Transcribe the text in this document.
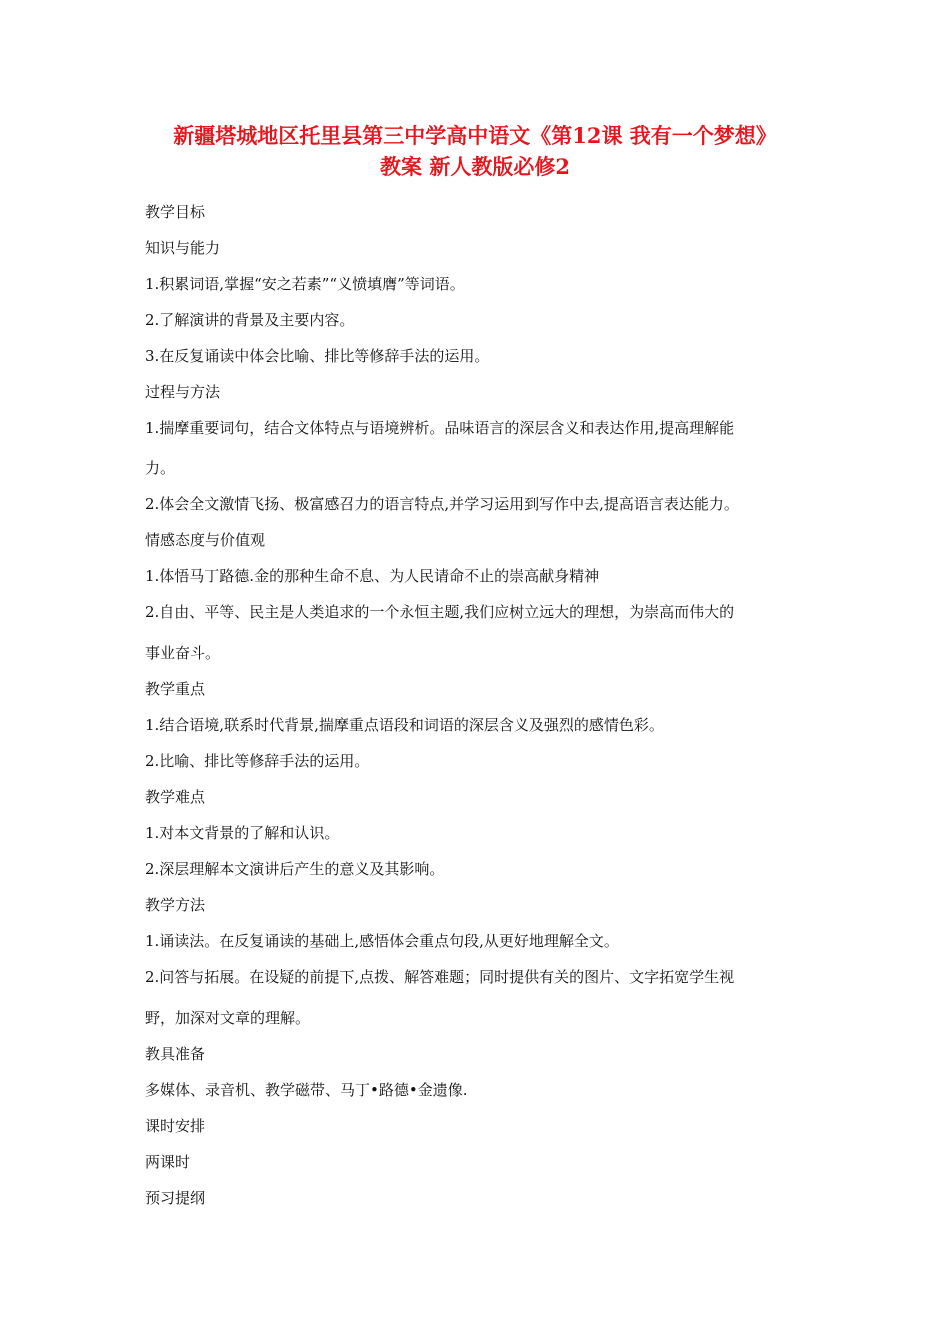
新疆塔城地区托里县第三中学高中语文《第12课 我有一个梦想》
教案 新人教版必修2
教学目标
知识与能力
1.积累词语,掌握“安之若素”“义愤填膺”等词语。
2.了解演讲的背景及主要内容。
3.在反复诵读中体会比喻、排比等修辞手法的运用。
过程与方法
1.揣摩重要词句，结合文体特点与语境辨析。品味语言的深层含义和表达作用,提高理解能
力。
2.体会全文激情飞扬、极富感召力的语言特点,并学习运用到写作中去,提高语言表达能力。
情感态度与价值观
1.体悟马丁路德.金的那种生命不息、为人民请命不止的崇高献身精神
2.自由、平等、民主是人类追求的一个永恒主题,我们应树立远大的理想，为崇高而伟大的
事业奋斗。
教学重点
1.结合语境,联系时代背景,揣摩重点语段和词语的深层含义及强烈的感情色彩。
2.比喻、排比等修辞手法的运用。
教学难点
1.对本文背景的了解和认识。
2.深层理解本文演讲后产生的意义及其影响。
教学方法
1.诵读法。在反复诵读的基础上,感悟体会重点句段,从更好地理解全文。
2.问答与拓展。在设疑的前提下,点拨、解答难题；同时提供有关的图片、文字拓宽学生视
野，加深对文章的理解。
教具准备
多媒体、录音机、教学磁带、马丁•路德•金遗像.
课时安排
两课时
预习提纲
